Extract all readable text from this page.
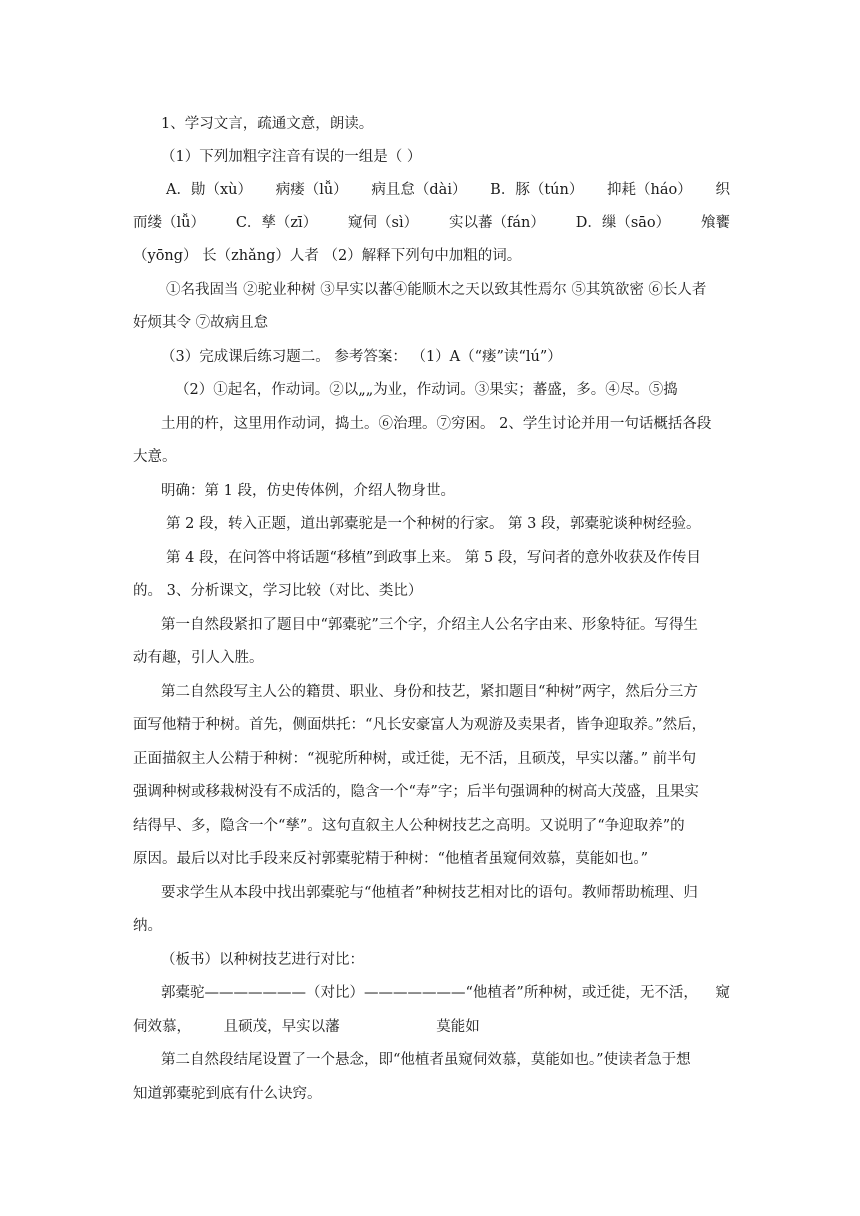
1、学习文言，疏通文意，朗读。

（1）下列加粗字注音有误的一组是（ ）

A．勛（xù） 病瘘（lǚ） 病且怠（dài） B．豚（tún） 抑耗（háo） 织
而缕（lǚ） C．孳（zī） 窥伺（sì） 实以蕃（fán） D．缫（sāo） 飧饔

（yōng） 长（zhǎng）人者 （2）解释下列句中加粗的词。

①名我固当 ②驼业种树 ③早实以蕃④能顺木之天以致其性焉尔 ⑤其筑欲密 ⑥长人者

好烦其令 ⑦故病且怠

（3）完成课后练习题二。 参考答案： （1）A（“瘘”读“lú”）

（2）①起名，作动词。②以„„为业，作动词。③果实；蕃盛，多。④尽。⑤捣

土用的杵，这里用作动词，捣土。⑥治理。⑦穷困。 2、学生讨论并用一句话概括各段

大意。

明确：第 1 段，仿史传体例，介绍人物身世。

第 2 段，转入正题，道出郭橐驼是一个种树的行家。 第 3 段，郭橐驼谈种树经验。

第 4 段，在问答中将话题“移植”到政事上来。 第 5 段，写问者的意外收获及作传目

的。 3、分析课文，学习比较（对比、类比）

第一自然段紧扣了题目中“郭橐驼”三个字，介绍主人公名字由来、形象特征。写得生

动有趣，引人入胜。

第二自然段写主人公的籍贯、职业、身份和技艺，紧扣题目“种树”两字，然后分三方

面写他精于种树。首先，侧面烘托：“凡长安豪富人为观游及卖果者，皆争迎取养。”然后，

正面描叙主人公精于种树：“视驼所种树，或迁徙，无不活，且硕茂，早实以藩。” 前半句

强调种树或移栽树没有不成活的，隐含一个“寿”字；后半句强调种的树高大茂盛，且果实

结得早、多，隐含一个“孳”。这句直叙主人公种树技艺之高明。又说明了“争迎取养”的

原因。最后以对比手段来反衬郭橐驼精于种树：“他植者虽窥伺效慕，莫能如也。”

要求学生从本段中找出郭橐驼与“他植者”种树技艺相对比的语句。教师帮助梳理、归

纳。

（板书）以种树技艺进行对比：

郭橐驼———————（对比）———————“他植者”所种树，或迁徙，无不活， 窥
伺效慕， 且硕茂，早实以藩	莫能如

第二自然段结尾设置了一个悬念，即“他植者虽窥伺效慕，莫能如也。”使读者急于想

知道郭橐驼到底有什么诀窍。
